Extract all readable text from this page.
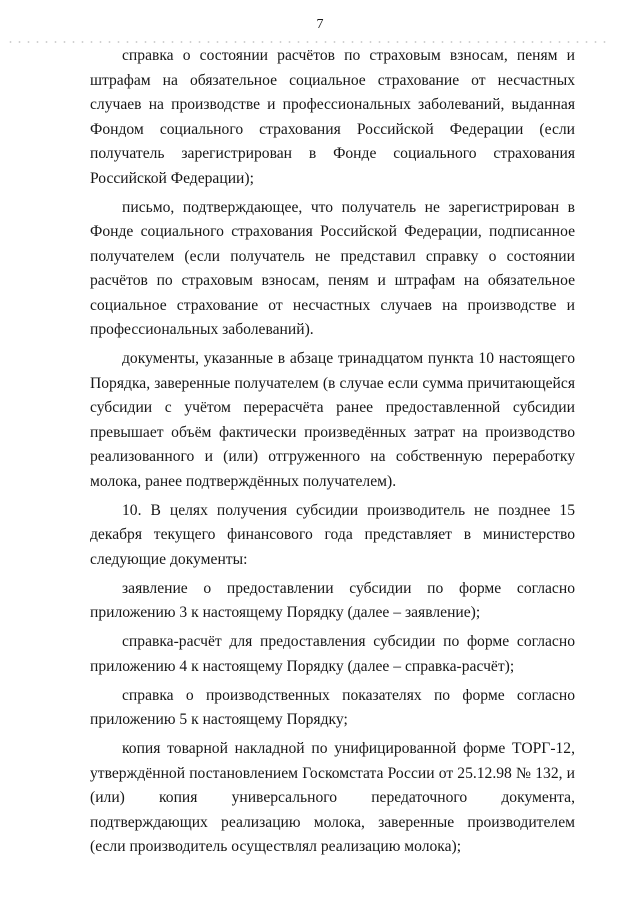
7

справка о состоянии расчётов по страховым взносам, пеням и штрафам на обязательное социальное страхование от несчастных случаев на производстве и профессиональных заболеваний, выданная Фондом социального страхования Российской Федерации (если получатель зарегистрирован в Фонде социального страхования Российской Федерации);

письмо, подтверждающее, что получатель не зарегистрирован в Фонде социального страхования Российской Федерации, подписанное получателем (если получатель не представил справку о состоянии расчётов по страховым взносам, пеням и штрафам на обязательное социальное страхование от несчастных случаев на производстве и профессиональных заболеваний).

документы, указанные в абзаце тринадцатом пункта 10 настоящего Порядка, заверенные получателем (в случае если сумма причитающейся субсидии с учётом перерасчёта ранее предоставленной субсидии превышает объём фактически произведённых затрат на производство реализованного и (или) отгруженного на собственную переработку молока, ранее подтверждённых получателем).

10. В целях получения субсидии производитель не позднее 15 декабря текущего финансового года представляет в министерство следующие документы:

заявление о предоставлении субсидии по форме согласно приложению 3 к настоящему Порядку (далее – заявление);

справка-расчёт для предоставления субсидии по форме согласно приложению 4 к настоящему Порядку (далее – справка-расчёт);

справка о производственных показателях по форме согласно приложению 5 к настоящему Порядку;

копия товарной накладной по унифицированной форме ТОРГ-12, утверждённой постановлением Госкомстата России от 25.12.98 № 132, и (или) копия универсального передаточного документа, подтверждающих реализацию молока, заверенные производителем (если производитель осуществлял реализацию молока);
